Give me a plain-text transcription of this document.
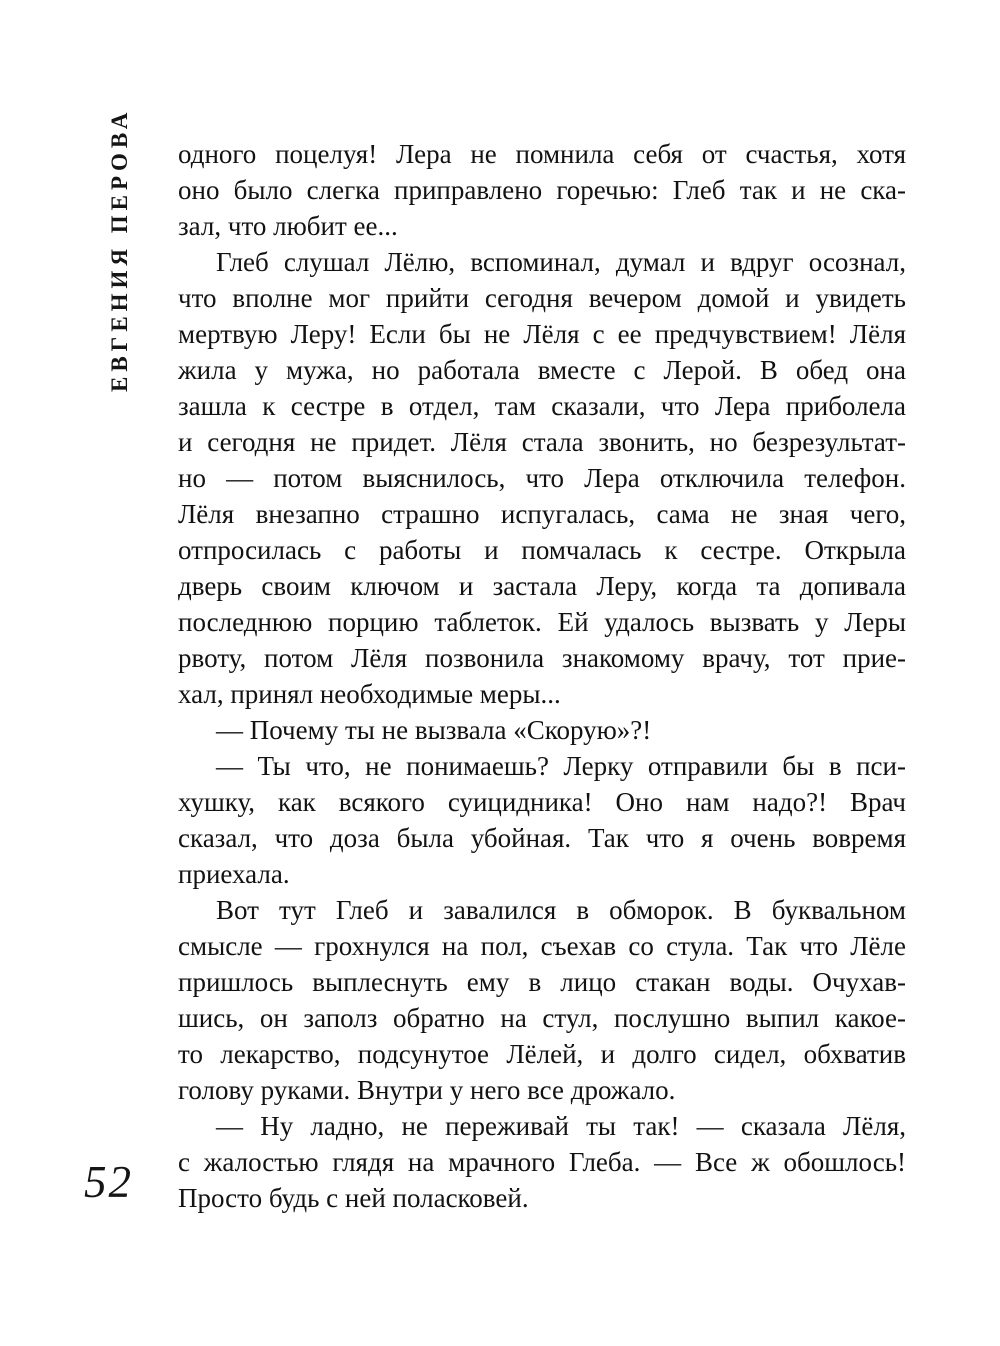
ЕВГЕНИЯ ПЕРОВА
52
одного поцелуя! Лера не помнила себя от счастья, хотя
оно было слегка приправлено горечью: Глеб так и не ска-
зал, что любит ее...
Глеб слушал Лёлю, вспоминал, думал и вдруг осознал,
что вполне мог прийти сегодня вечером домой и увидеть
мертвую Леру! Если бы не Лёля с ее предчувствием! Лёля
жила у мужа, но работала вместе с Лерой. В обед она
зашла к сестре в отдел, там сказали, что Лера приболела
и сегодня не придет. Лёля стала звонить, но безрезультат-
но — потом выяснилось, что Лера отключила телефон.
Лёля внезапно страшно испугалась, сама не зная чего,
отпросилась с работы и помчалась к сестре. Открыла
дверь своим ключом и застала Леру, когда та допивала
последнюю порцию таблеток. Ей удалось вызвать у Леры
рвоту, потом Лёля позвонила знакомому врачу, тот прие-
хал, принял необходимые меры...
— Почему ты не вызвала «Скорую»?!
— Ты что, не понимаешь? Лерку отправили бы в пси-
хушку, как всякого суицидника! Оно нам надо?! Врач
сказал, что доза была убойная. Так что я очень вовремя
приехала.
Вот тут Глеб и завалился в обморок. В буквальном
смысле — грохнулся на пол, съехав со стула. Так что Лёле
пришлось выплеснуть ему в лицо стакан воды. Очухав-
шись, он заполз обратно на стул, послушно выпил какое-
то лекарство, подсунутое Лёлей, и долго сидел, обхватив
голову руками. Внутри у него все дрожало.
— Ну ладно, не переживай ты так! — сказала Лёля,
с жалостью глядя на мрачного Глеба. — Все ж обошлось!
Просто будь с ней поласковей.
